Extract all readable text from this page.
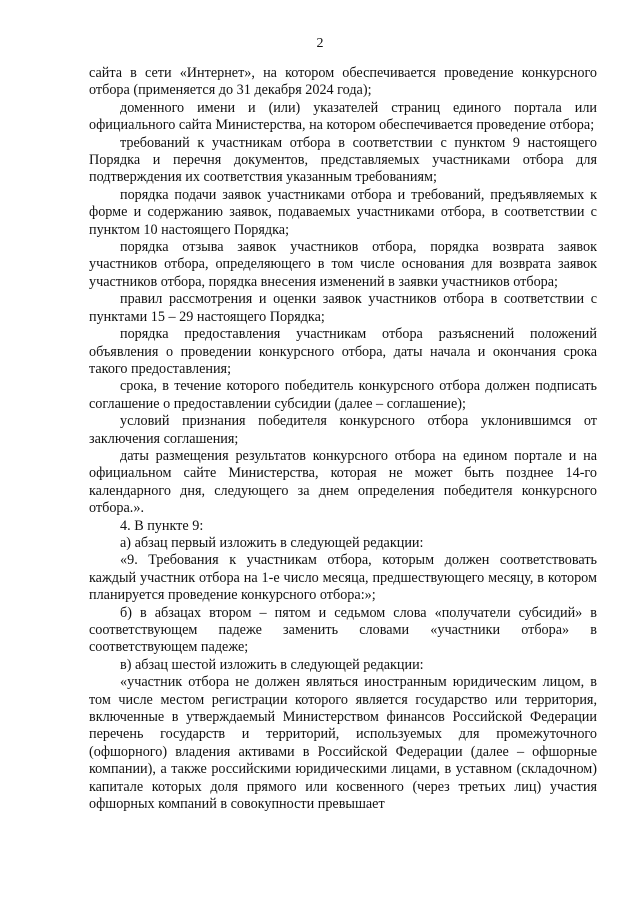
2

сайта в сети «Интернет», на котором обеспечивается проведение конкурсного отбора (применяется до 31 декабря 2024 года);

доменного имени и (или) указателей страниц единого портала или официального сайта Министерства, на котором обеспечивается проведение отбора;

требований к участникам отбора в соответствии с пунктом 9 настоящего Порядка и перечня документов, представляемых участниками отбора для подтверждения их соответствия указанным требованиям;

порядка подачи заявок участниками отбора и требований, предъявляемых к форме и содержанию заявок, подаваемых участниками отбора, в соответствии с пунктом 10 настоящего Порядка;

порядка отзыва заявок участников отбора, порядка возврата заявок участников отбора, определяющего в том числе основания для возврата заявок участников отбора, порядка внесения изменений в заявки участников отбора;

правил рассмотрения и оценки заявок участников отбора в соответствии с пунктами 15 – 29 настоящего Порядка;

порядка предоставления участникам отбора разъяснений положений объявления о проведении конкурсного отбора, даты начала и окончания срока такого предоставления;

срока, в течение которого победитель конкурсного отбора должен подписать соглашение о предоставлении субсидии (далее – соглашение);

условий признания победителя конкурсного отбора уклонившимся от заключения соглашения;

даты размещения результатов конкурсного отбора на едином портале и на официальном сайте Министерства, которая не может быть позднее 14-го календарного дня, следующего за днем определения победителя конкурсного отбора.».

4. В пункте 9:

а) абзац первый изложить в следующей редакции:

«9. Требования к участникам отбора, которым должен соответствовать каждый участник отбора на 1-е число месяца, предшествующего месяцу, в котором планируется проведение конкурсного отбора:»;

б) в абзацах втором – пятом и седьмом слова «получатели субсидий» в соответствующем падеже заменить словами «участники отбора» в соответствующем падеже;

в) абзац шестой изложить в следующей редакции:

«участник отбора не должен являться иностранным юридическим лицом, в том числе местом регистрации которого является государство или территория, включенные в утверждаемый Министерством финансов Российской Федерации перечень государств и территорий, используемых для промежуточного (офшорного) владения активами в Российской Федерации (далее – офшорные компании), а также российскими юридическими лицами, в уставном (складочном) капитале которых доля прямого или косвенного (через третьих лиц) участия офшорных компаний в совокупности превышает
